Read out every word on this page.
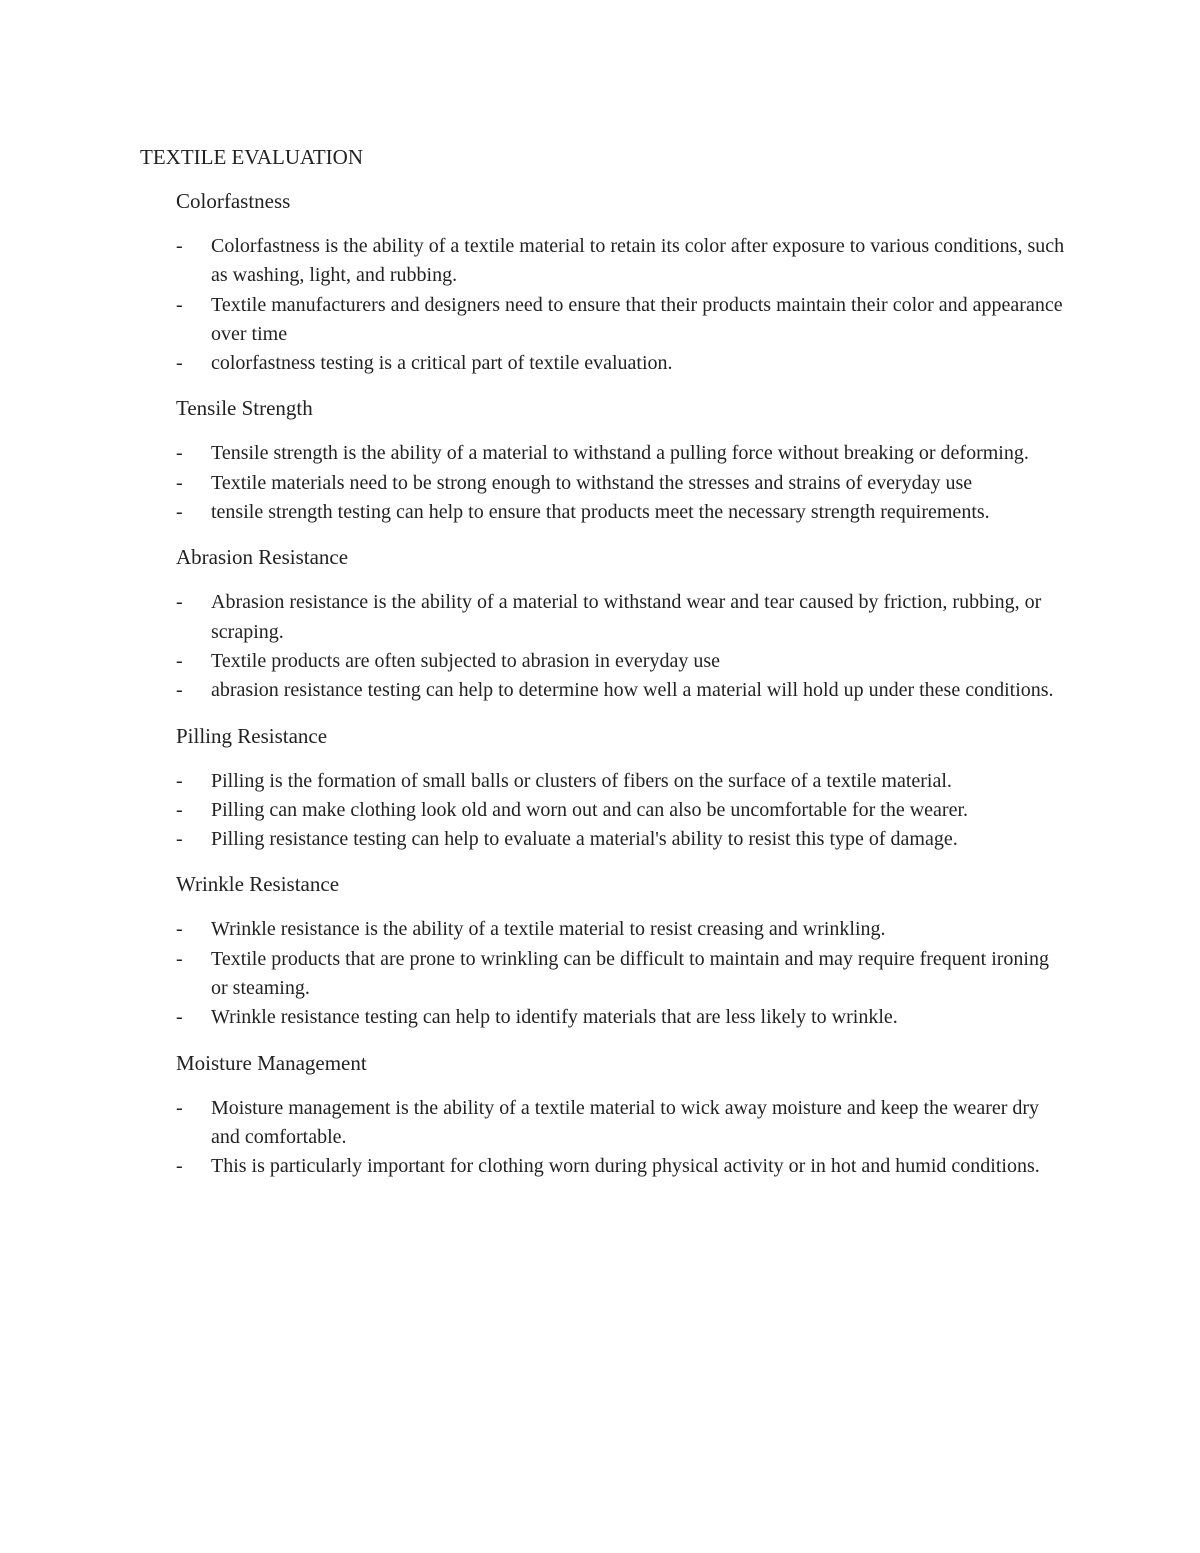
TEXTILE EVALUATION
Colorfastness
- Colorfastness is the ability of a textile material to retain its color after exposure to various conditions, such as washing, light, and rubbing.
- Textile manufacturers and designers need to ensure that their products maintain their color and appearance over time
- colorfastness testing is a critical part of textile evaluation.
Tensile Strength
- Tensile strength is the ability of a material to withstand a pulling force without breaking or deforming.
- Textile materials need to be strong enough to withstand the stresses and strains of everyday use
- tensile strength testing can help to ensure that products meet the necessary strength requirements.
Abrasion Resistance
- Abrasion resistance is the ability of a material to withstand wear and tear caused by friction, rubbing, or scraping.
- Textile products are often subjected to abrasion in everyday use
- abrasion resistance testing can help to determine how well a material will hold up under these conditions.
Pilling Resistance
- Pilling is the formation of small balls or clusters of fibers on the surface of a textile material.
- Pilling can make clothing look old and worn out and can also be uncomfortable for the wearer.
- Pilling resistance testing can help to evaluate a material's ability to resist this type of damage.
Wrinkle Resistance
- Wrinkle resistance is the ability of a textile material to resist creasing and wrinkling.
- Textile products that are prone to wrinkling can be difficult to maintain and may require frequent ironing or steaming.
- Wrinkle resistance testing can help to identify materials that are less likely to wrinkle.
Moisture Management
- Moisture management is the ability of a textile material to wick away moisture and keep the wearer dry and comfortable.
- This is particularly important for clothing worn during physical activity or in hot and humid conditions.
